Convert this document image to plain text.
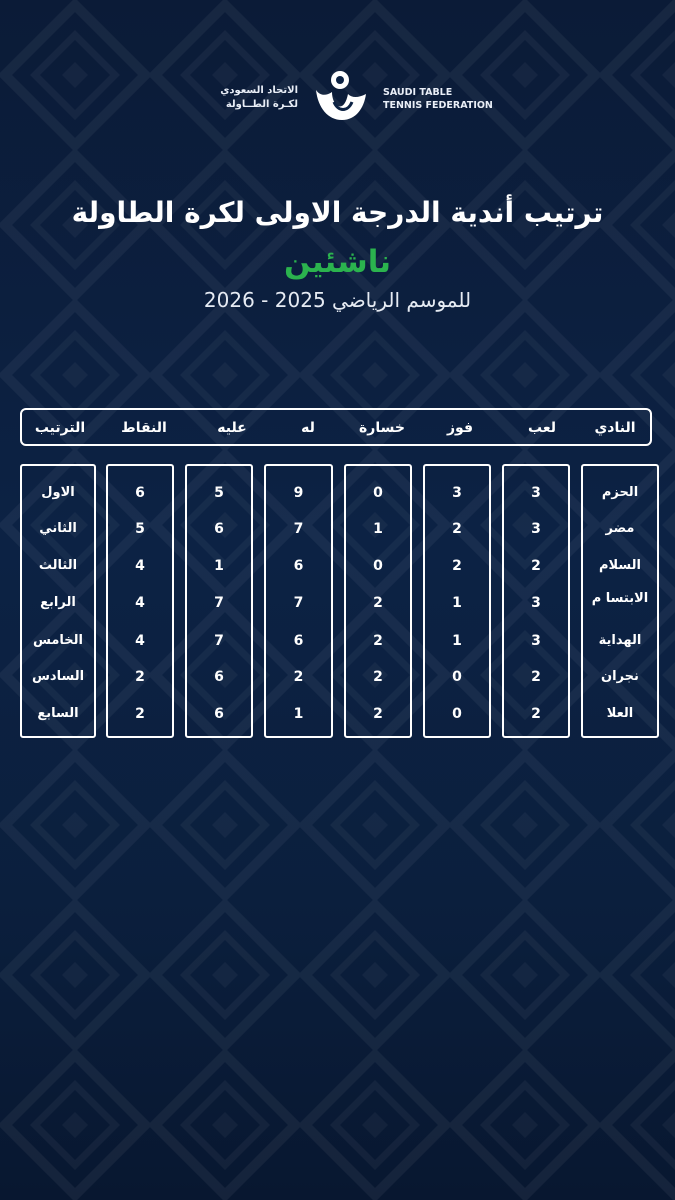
الاتحاد السعودي
لكـرة الطــاولة
SAUDI TABLE
TENNIS FEDERATION
ترتيب أندية الدرجة الاولى لكرة الطاولة
ناشئين
للموسم الرياضي 2025 - 2026
النادي
لعب
فوز
خسارة
له
عليه
النقاط
الترتيب
الحزم
مضر
السلام
الابتسا م
الهداية
نجران
العلا
3
3
2
3
3
2
2
3
2
2
1
1
0
0
0
1
0
2
2
2
2
9
7
6
7
6
2
1
5
6
1
7
7
6
6
6
5
4
4
4
2
2
الاول
الثاني
الثالث
الرابع
الخامس
السادس
السابع
